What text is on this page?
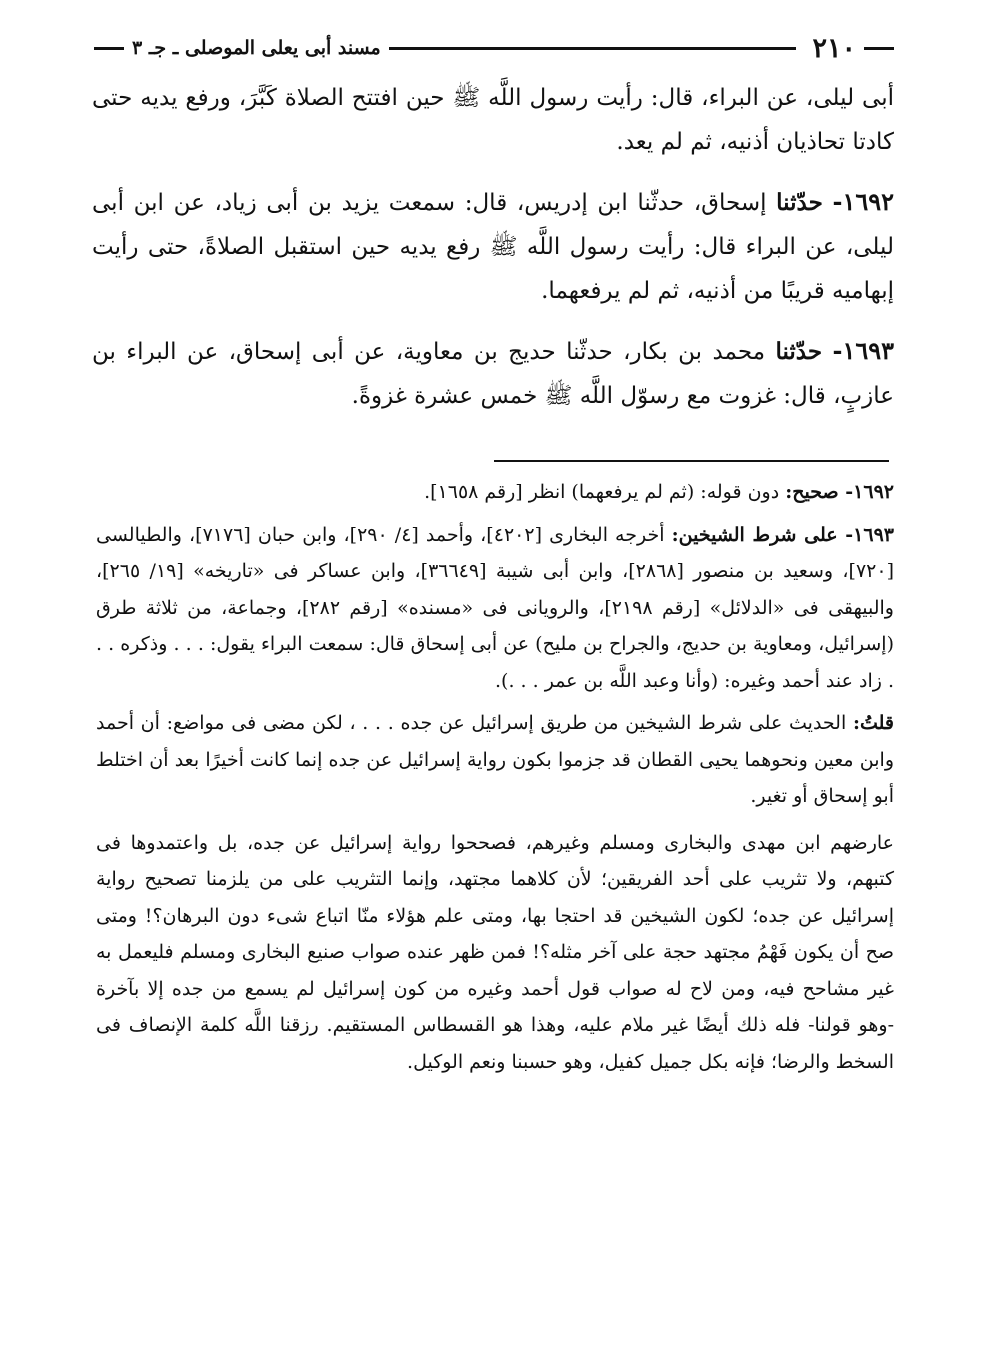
٢١٠
مسند أبى يعلى الموصلى ـ جـ ٣

أبى ليلى، عن البراء، قال: رأيت رسول اللَّه ﷺ حين افتتح الصلاة كَبَّرَ، ورفع يديه حتى كادتا تحاذيان أذنيه، ثم لم يعد.

١٦٩٢- حدّثنا إسحاق، حدثّنا ابن إدريس، قال: سمعت يزيد بن أبى زياد، عن ابن أبى ليلى، عن البراء قال: رأيت رسول اللَّه ﷺ رفع يديه حين استقبل الصلاةً، حتى رأيت إبهاميه قريبًا من أذنيه، ثم لم يرفعهما.

١٦٩٣- حدّثنا محمد بن بكار، حدثّنا حديج بن معاوية، عن أبى إسحاق، عن البراء بن عازبٍ، قال: غزوت مع رسوّل اللَّه ﷺ خمس عشرة غزوةً.

١٦٩٢- صحيح: دون قوله: (ثم لم يرفعهما) انظر [رقم ١٦٥٨].

١٦٩٣- على شرط الشيخين: أخرجه البخارى [٤٢٠٢]، وأحمد [٤/ ٢٩٠]، وابن حبان [٧١٧٦]، والطيالسى [٧٢٠]، وسعيد بن منصور [٢٨٦٨]، وابن أبى شيبة [٣٦٦٤٩]، وابن عساكر فى «تاريخه» [١٩/ ٢٦٥]، والبيهقى فى «الدلائل» [رقم ٢١٩٨]، والرويانى فى «مسنده» [رقم ٢٨٢]، وجماعة، من ثلاثة طرق (إسرائيل، ومعاوية بن حديج، والجراح بن مليح) عن أبى إسحاق قال: سمعت البراء يقول: . . . وذكره . . . زاد عند أحمد وغيره: (وأنا وعبد اللَّه بن عمر . . .).

قلتُ: الحديث على شرط الشيخين من طريق إسرائيل عن جده . . . ، لكن مضى فى مواضع: أن أحمد وابن معين ونحوهما يحيى القطان قد جزموا بكون رواية إسرائيل عن جده إنما كانت أخيرًا بعد أن اختلط أبو إسحاق أو تغير.

عارضهم ابن مهدى والبخارى ومسلم وغيرهم، فصححوا رواية إسرائيل عن جده، بل واعتمدوها فى كتبهم، ولا تثريب على أحد الفريقين؛ لأن كلاهما مجتهد، وإنما التثريب على من يلزمنا تصحيح رواية إسرائيل عن جده؛ لكون الشيخين قد احتجا بها، ومتى علم هؤلاء منّا اتباع شىء دون البرهان؟! ومتى صح أن يكون فَهْمُ مجتهد حجة على آخر مثله؟! فمن ظهر عنده صواب صنيع البخارى ومسلم فليعمل به غير مشاحح فيه، ومن لاح له صواب قول أحمد وغيره من كون إسرائيل لم يسمع من جده إلا بآخرة -وهو قولنا- فله ذلك أيضًا غير ملام عليه، وهذا هو القسطاس المستقيم. رزقنا اللَّه كلمة الإنصاف فى السخط والرضا؛ فإنه بكل جميل كفيل، وهو حسبنا ونعم الوكيل.
